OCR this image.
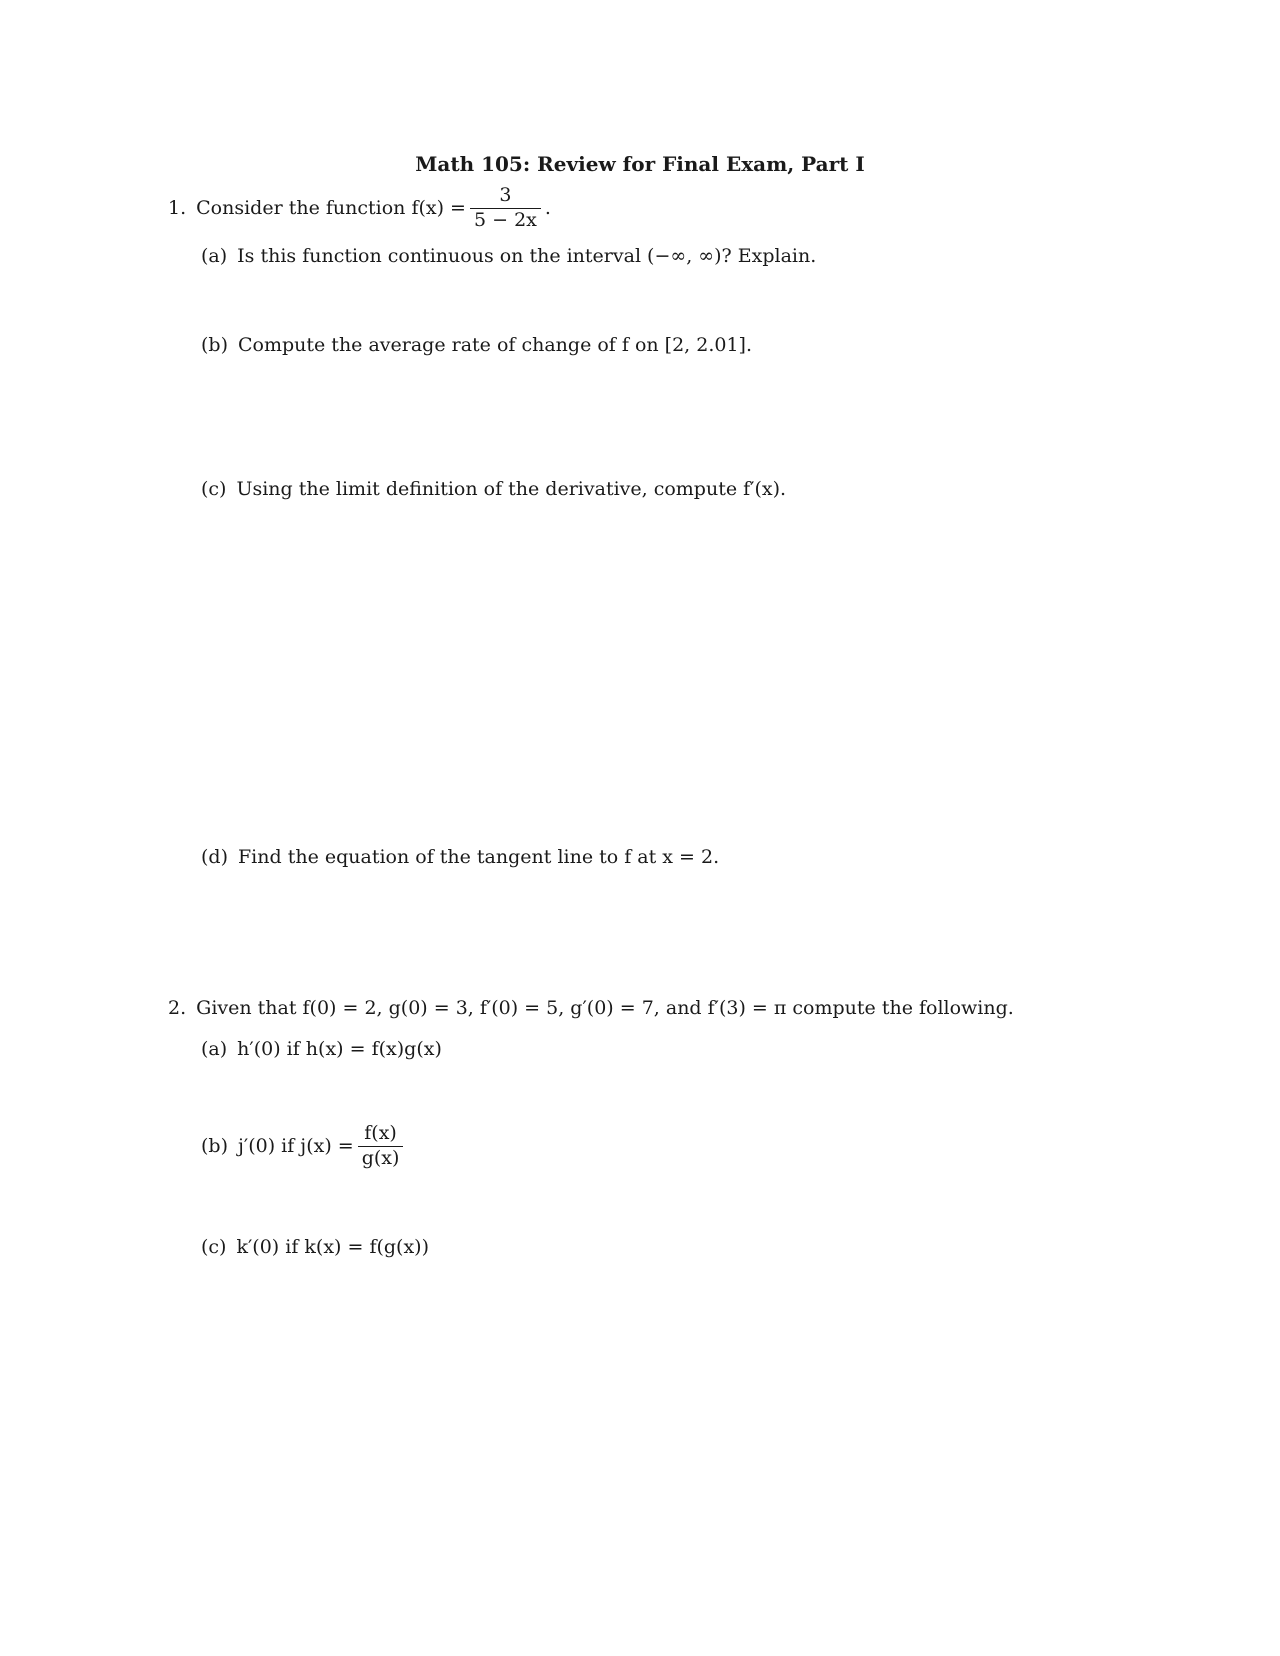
Math 105: Review for Final Exam, Part I
1. Consider the function $f(x) = \frac{3}{5 - 2x}$ .
(a) Is this function continuous on the interval (−∞, ∞)? Explain.
(b) Compute the average rate of change of f on [2, 2.01].
(c) Using the limit definition of the derivative, compute f′(x).
(d) Find the equation of the tangent line to f at x = 2.
2. Given that f(0) = 2, g(0) = 3, f′(0) = 5, g′(0) = 7, and f′(3) = π compute the following.
(a) h′(0) if h(x) = f(x)g(x)
(b) j′(0) if $j(x) = \frac{f(x)}{g(x)}$
(c) k′(0) if k(x) = f(g(x))
